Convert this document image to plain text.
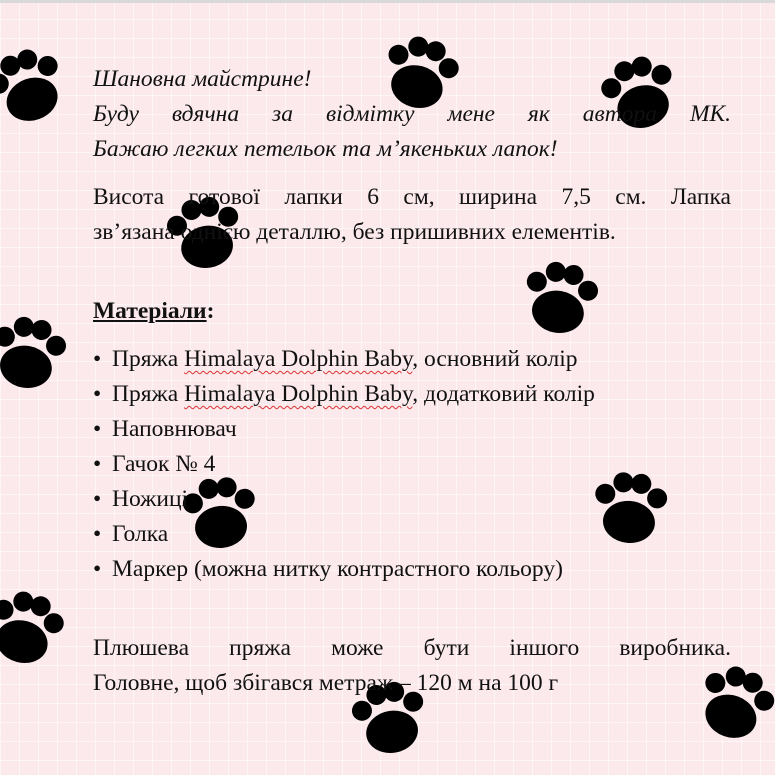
Шановна майстрине!

Буду вдячна за відмітку мене як автора МК.

Бажаю легких петельок та м’якеньких лапок!

Висота готової лапки 6 см, ширина 7,5 см. Лапка

зв’язана однією деталлю, без пришивних елементів.

Матеріали:

• Пряжа Himalaya Dolphin Baby, основний колір
• Пряжа Himalaya Dolphin Baby, додатковий колір
• Наповнювач
• Гачок № 4
• Ножиці
• Голка
• Маркер (можна нитку контрастного кольору)

Плюшева пряжа може бути іншого виробника.

Головне, щоб збігався метраж – 120 м на 100 г
